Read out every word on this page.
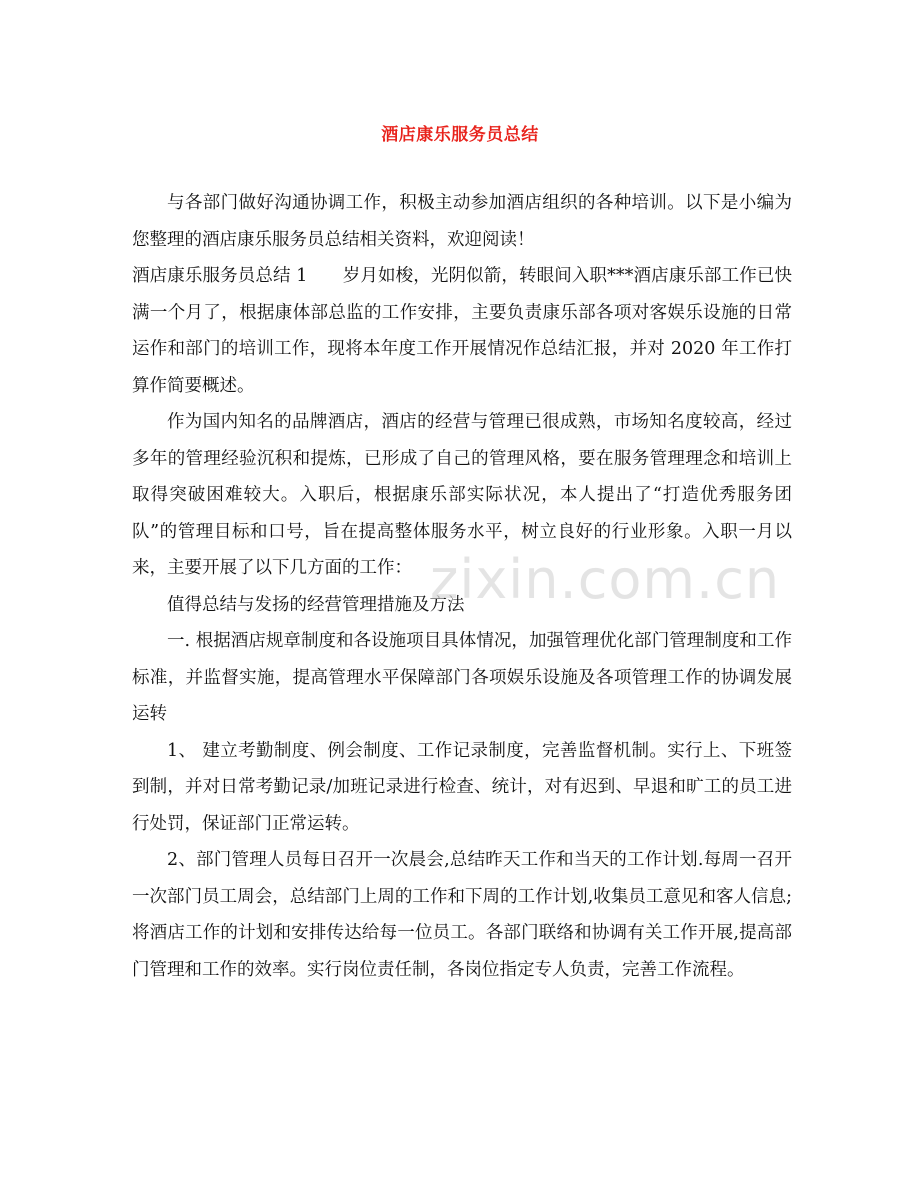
酒店康乐服务员总结

与各部门做好沟通协调工作，积极主动参加酒店组织的各种培训。以下是小编为您整理的酒店康乐服务员总结相关资料，欢迎阅读！

酒店康乐服务员总结 1　　岁月如梭，光阴似箭，转眼间入职***酒店康乐部工作已快满一个月了，根据康体部总监的工作安排，主要负责康乐部各项对客娱乐设施的日常运作和部门的培训工作，现将本年度工作开展情况作总结汇报，并对 2020 年工作打算作简要概述。

作为国内知名的品牌酒店，酒店的经营与管理已很成熟，市场知名度较高，经过多年的管理经验沉积和提炼，已形成了自己的管理风格，要在服务管理理念和培训上取得突破困难较大。入职后，根据康乐部实际状况，本人提出了“打造优秀服务团队”的管理目标和口号，旨在提高整体服务水平，树立良好的行业形象。入职一月以来，主要开展了以下几方面的工作：

值得总结与发扬的经营管理措施及方法

一. 根据酒店规章制度和各设施项目具体情况，加强管理优化部门管理制度和工作标准，并监督实施，提高管理水平保障部门各项娱乐设施及各项管理工作的协调发展运转

1、 建立考勤制度、例会制度、工作记录制度，完善监督机制。实行上、下班签到制，并对日常考勤记录/加班记录进行检查、统计，对有迟到、早退和旷工的员工进行处罚，保证部门正常运转。

2、部门管理人员每日召开一次晨会,总结昨天工作和当天的工作计划.每周一召开一次部门员工周会，总结部门上周的工作和下周的工作计划,收集员工意见和客人信息;将酒店工作的计划和安排传达给每一位员工。各部门联络和协调有关工作开展,提高部门管理和工作的效率。实行岗位责任制，各岗位指定专人负责，完善工作流程。

zixin.com.cn
